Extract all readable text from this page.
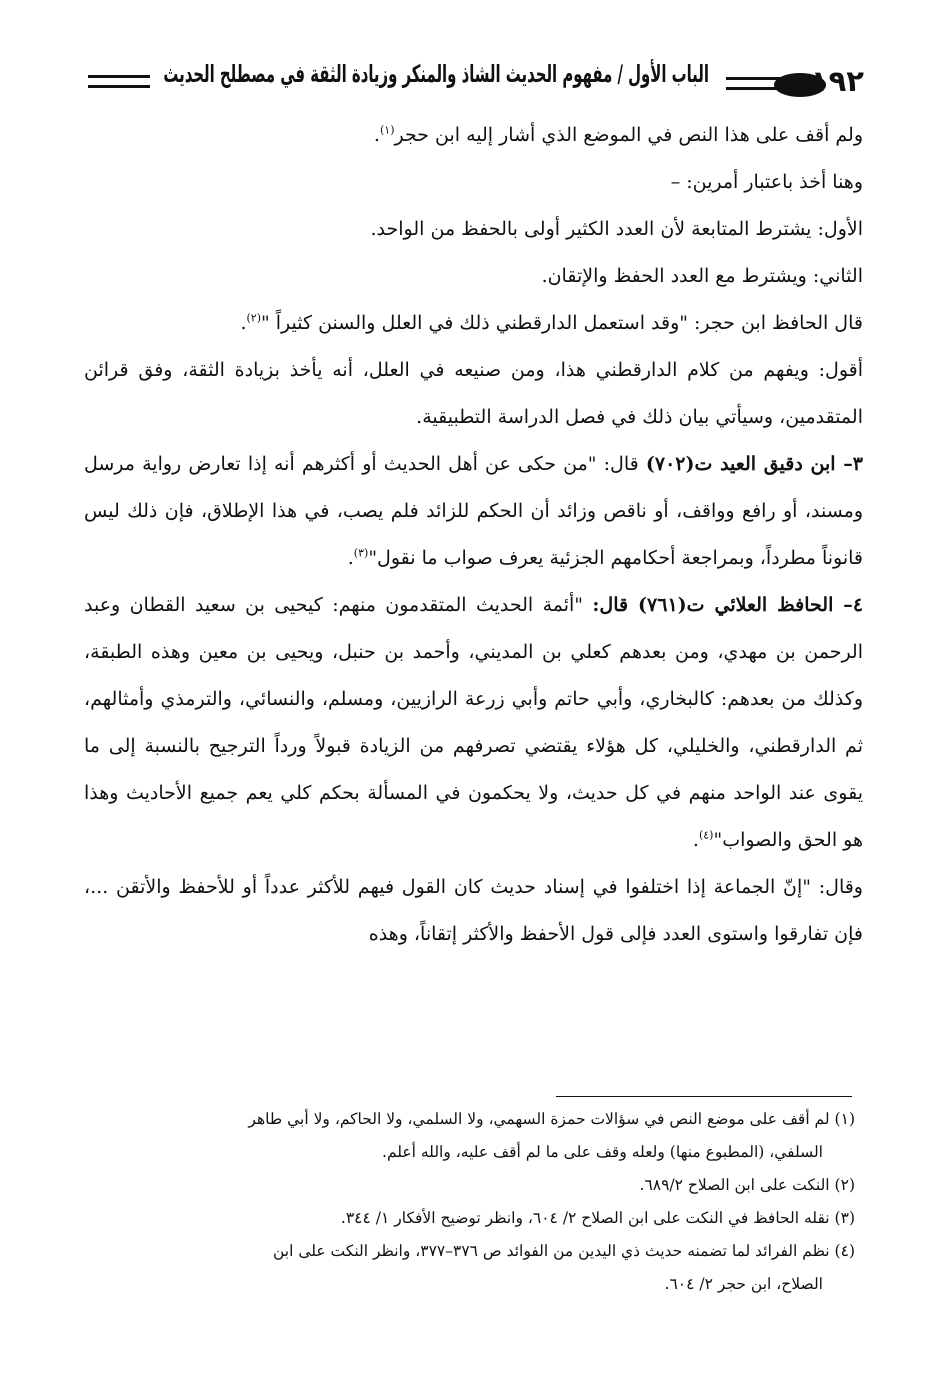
الباب الأول / مفهوم الحديث الشاذ والمنكر وزيادة الثقة في مصطلح الحديث	١٩٢

ولم أقف على هذا النص في الموضع الذي أشار إليه ابن حجر$^{(١)}$.

وهنا أخذ باعتبار أمرين: –

الأول: يشترط المتابعة لأن العدد الكثير أولى بالحفظ من الواحد.

الثاني: ويشترط مع العدد الحفظ والإتقان.

قال الحافظ ابن حجر: "وقد استعمل الدارقطني ذلك في العلل والسنن كثيراً "$^{(٢)}$.

أقول: ويفهم من كلام الدارقطني هذا، ومن صنيعه في العلل، أنه يأخذ بزيادة الثقة، وفق قرائن المتقدمين، وسيأتي بيان ذلك في فصل الدراسة التطبيقية.

٣– ابن دقيق العيد ت(٧٠٢) قال: "من حكى عن أهل الحديث أو أكثرهم أنه إذا تعارض رواية مرسل ومسند، أو رافع وواقف، أو ناقص وزائد أن الحكم للزائد فلم يصب، في هذا الإطلاق، فإن ذلك ليس قانوناً مطرداً، وبمراجعة أحكامهم الجزئية يعرف صواب ما نقول"$^{(٣)}$.

٤– الحافظ العلائي ت(٧٦١) قال: "أئمة الحديث المتقدمون منهم: كيحيى بن سعيد القطان وعبد الرحمن بن مهدي، ومن بعدهم كعلي بن المديني، وأحمد بن حنبل، ويحيى بن معين وهذه الطبقة، وكذلك من بعدهم: كالبخاري، وأبي حاتم وأبي زرعة الرازيين، ومسلم، والنسائي، والترمذي وأمثالهم، ثم الدارقطني، والخليلي، كل هؤلاء يقتضي تصرفهم من الزيادة قبولاً ورداً الترجيح بالنسبة إلى ما يقوى عند الواحد منهم في كل حديث، ولا يحكمون في المسألة بحكم كلي يعم جميع الأحاديث وهذا هو الحق والصواب"$^{(٤)}$.

وقال: "إنّ الجماعة إذا اختلفوا في إسناد حديث كان القول فيهم للأكثر عدداً أو للأحفظ والأتقن ...، فإن تفارقوا واستوى العدد فإلى قول الأحفظ والأكثر إتقاناً، وهذه

(١) لم أقف على موضع النص في سؤالات حمزة السهمي، ولا السلمي، ولا الحاكم، ولا أبي طاهر
السلفي، (المطبوع منها) ولعله وقف على ما لم أقف عليه، والله أعلم.

(٢) النكت على ابن الصلاح ٦٨٩/٢.

(٣) نقله الحافظ في النكت على ابن الصلاح ٢/ ٦٠٤، وانظر توضيح الأفكار ١/ ٣٤٤.

(٤) نظم الفرائد لما تضمنه حديث ذي اليدين من الفوائد ص ٣٧٦–٣٧٧، وانظر النكت على ابن
الصلاح، ابن حجر ٢/ ٦٠٤.
